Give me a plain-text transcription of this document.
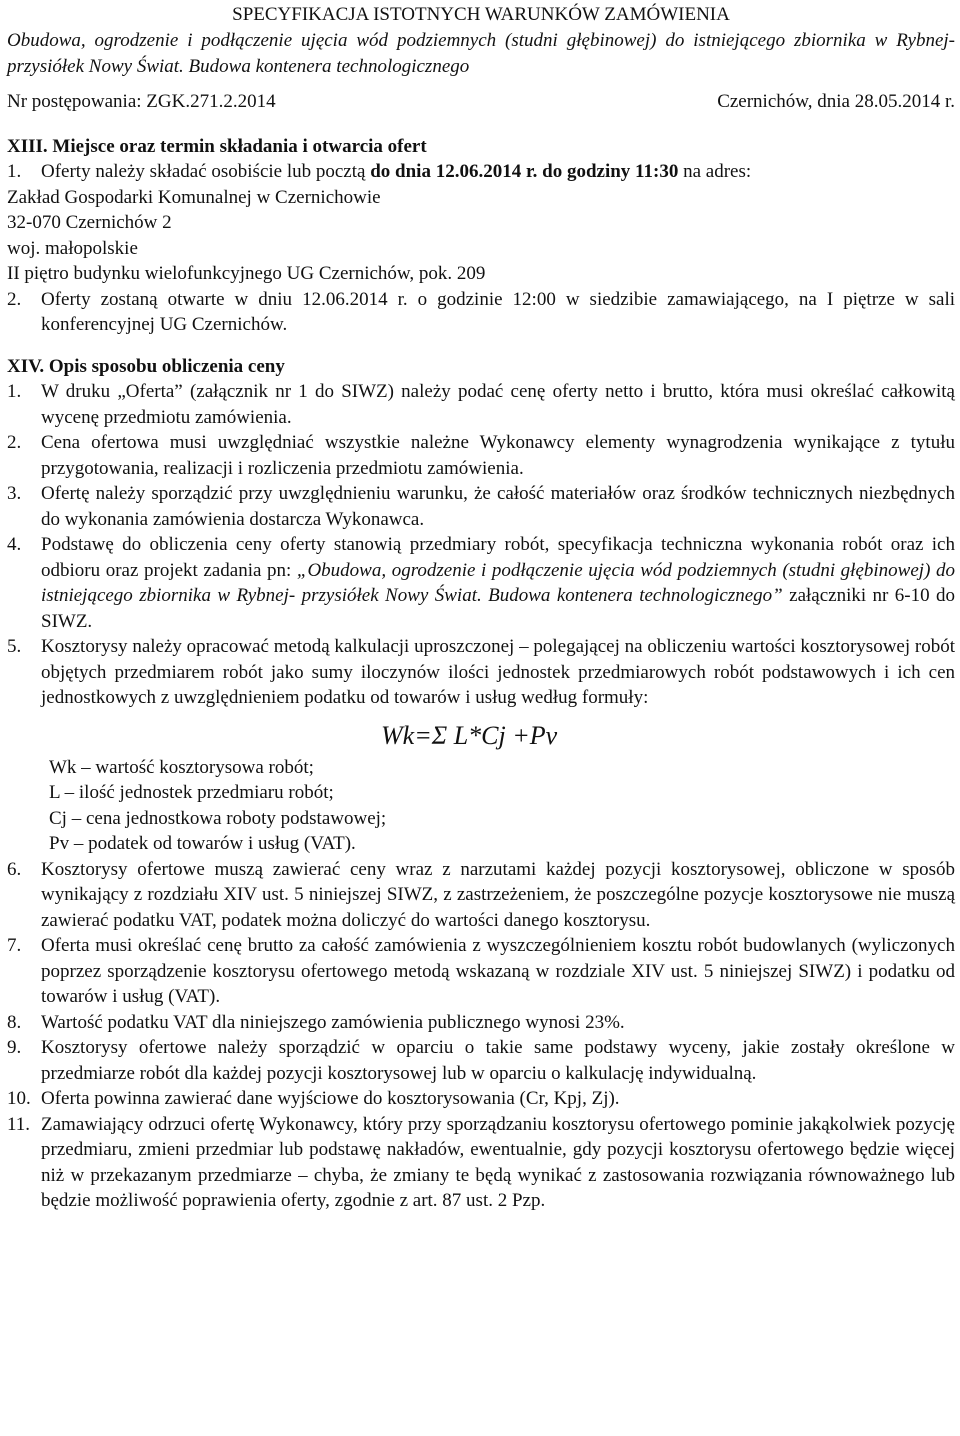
SPECYFIKACJA ISTOTNYCH WARUNKÓW ZAMÓWIENIA
Obudowa, ogrodzenie i podłączenie ujęcia wód podziemnych (studni głębinowej) do istniejącego zbiornika w Rybnej- przysiółek Nowy Świat. Budowa kontenera technologicznego
Nr postępowania: ZGK.271.2.2014	Czernichów, dnia 28.05.2014 r.
XIII. Miejsce oraz termin składania i otwarcia ofert
1.	Oferty należy składać osobiście lub pocztą do dnia 12.06.2014 r. do godziny 11:30 na adres:
Zakład Gospodarki Komunalnej w Czernichowie
32-070 Czernichów 2
woj. małopolskie
II piętro budynku wielofunkcyjnego UG Czernichów, pok. 209
2.	Oferty zostaną otwarte w dniu 12.06.2014 r. o godzinie 12:00 w siedzibie zamawiającego, na I piętrze w sali konferencyjnej UG Czernichów.
XIV. Opis sposobu obliczenia ceny
1.	W druku „Oferta” (załącznik nr 1 do SIWZ) należy podać cenę oferty netto i brutto, która musi określać całkowitą wycenę przedmiotu zamówienia.
2.	Cena ofertowa musi uwzględniać wszystkie należne Wykonawcy elementy wynagrodzenia wynikające z tytułu przygotowania, realizacji i rozliczenia przedmiotu zamówienia.
3.	Ofertę należy sporządzić przy uwzględnieniu warunku, że całość materiałów oraz środków technicznych niezbędnych do wykonania zamówienia dostarcza Wykonawca.
4.	Podstawę do obliczenia ceny oferty stanowią przedmiary robót, specyfikacja techniczna wykonania robót oraz ich odbioru oraz projekt zadania pn: „Obudowa, ogrodzenie i podłączenie ujęcia wód podziemnych (studni głębinowej) do istniejącego zbiornika w Rybnej- przysiółek Nowy Świat. Budowa kontenera technologicznego” załączniki nr 6-10 do SIWZ.
5.	Kosztorysy należy opracować metodą kalkulacji uproszczonej – polegającej na obliczeniu wartości kosztorysowej robót objętych przedmiarem robót jako sumy iloczynów ilości jednostek przedmiarowych robót podstawowych i ich cen jednostkowych z uwzględnieniem podatku od towarów i usług według formuły:
Wk=Σ L*Cj +Pv
Wk – wartość kosztorysowa robót;
L – ilość jednostek przedmiaru robót;
Cj – cena jednostkowa roboty podstawowej;
Pv – podatek od towarów i usług (VAT).
6.	Kosztorysy ofertowe muszą zawierać ceny wraz z narzutami każdej pozycji kosztorysowej, obliczone w sposób wynikający z rozdziału XIV ust. 5 niniejszej SIWZ, z zastrzeżeniem, że poszczególne pozycje kosztorysowe nie muszą zawierać podatku VAT, podatek można doliczyć do wartości danego kosztorysu.
7.	Oferta musi określać cenę brutto za całość zamówienia z wyszczególnieniem kosztu robót budowlanych (wyliczonych poprzez sporządzenie kosztorysu ofertowego metodą wskazaną w rozdziale XIV ust. 5 niniejszej SIWZ) i podatku od towarów i usług (VAT).
8.	Wartość podatku VAT dla niniejszego zamówienia publicznego wynosi 23%.
9.	Kosztorysy ofertowe należy sporządzić w oparciu o takie same podstawy wyceny, jakie zostały określone w przedmiarze robót dla każdej pozycji kosztorysowej lub w oparciu o kalkulację indywidualną.
10. Oferta powinna zawierać dane wyjściowe do kosztorysowania (Cr, Kpj, Zj).
11. Zamawiający odrzuci ofertę Wykonawcy, który przy sporządzaniu kosztorysu ofertowego pominie jakąkolwiek pozycję przedmiaru, zmieni przedmiar lub podstawę nakładów, ewentualnie, gdy pozycji kosztorysu ofertowego będzie więcej niż w przekazanym przedmiarze – chyba, że zmiany te będą wynikać z zastosowania rozwiązania równoważnego lub będzie możliwość poprawienia oferty, zgodnie z art. 87 ust. 2 Pzp.
